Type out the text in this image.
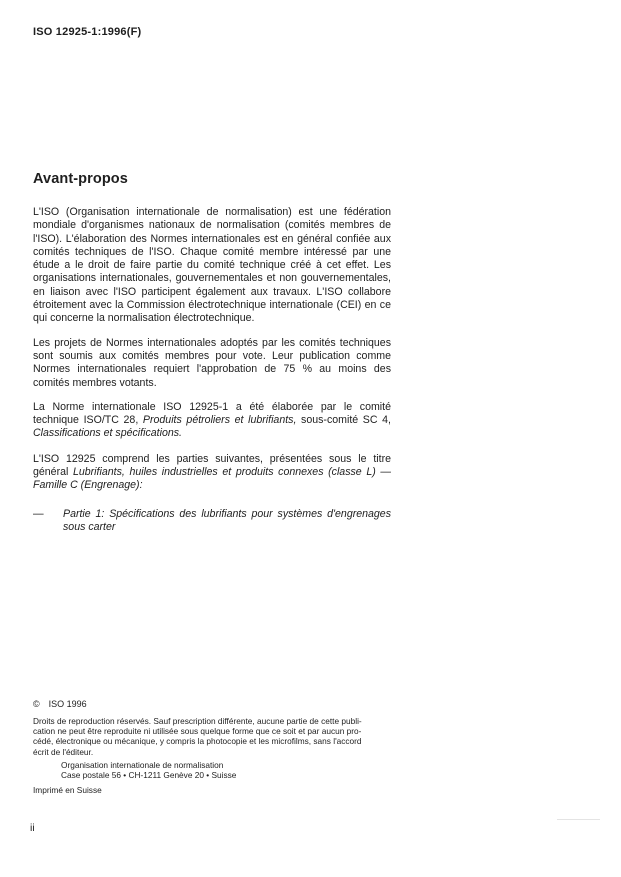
ISO 12925-1:1996(F)
Avant-propos

L'ISO (Organisation internationale de normalisation) est une fédération mondiale d'organismes nationaux de normalisation (comités membres de l'ISO). L'élaboration des Normes internationales est en général confiée aux comités techniques de l'ISO. Chaque comité membre intéressé par une étude a le droit de faire partie du comité technique créé à cet effet. Les organisations internationales, gouvernementales et non gouvernementales, en liaison avec l'ISO participent également aux travaux. L'ISO collabore étroitement avec la Commission électrotechnique internationale (CEI) en ce qui concerne la normalisation électrotechnique.

Les projets de Normes internationales adoptés par les comités techniques sont soumis aux comités membres pour vote. Leur publication comme Normes internationales requiert l'approbation de 75 % au moins des comités membres votants.

La Norme internationale ISO 12925-1 a été élaborée par le comité technique ISO/TC 28, Produits pétroliers et lubrifiants, sous-comité SC 4, Classifications et spécifications.

L'ISO 12925 comprend les parties suivantes, présentées sous le titre général Lubrifiants, huiles industrielles et produits connexes (classe L) — Famille C (Engrenage):

— Partie 1: Spécifications des lubrifiants pour systèmes d'engrenages sous carter
© ISO 1996
Droits de reproduction réservés. Sauf prescription différente, aucune partie de cette publi-
cation ne peut être reproduite ni utilisée sous quelque forme que ce soit et par aucun pro-
cédé, électronique ou mécanique, y compris la photocopie et les microfilms, sans l'accord
écrit de l'éditeur.
Organisation internationale de normalisation
Case postale 56 • CH-1211 Genève 20 • Suisse
Imprimé en Suisse
ii
